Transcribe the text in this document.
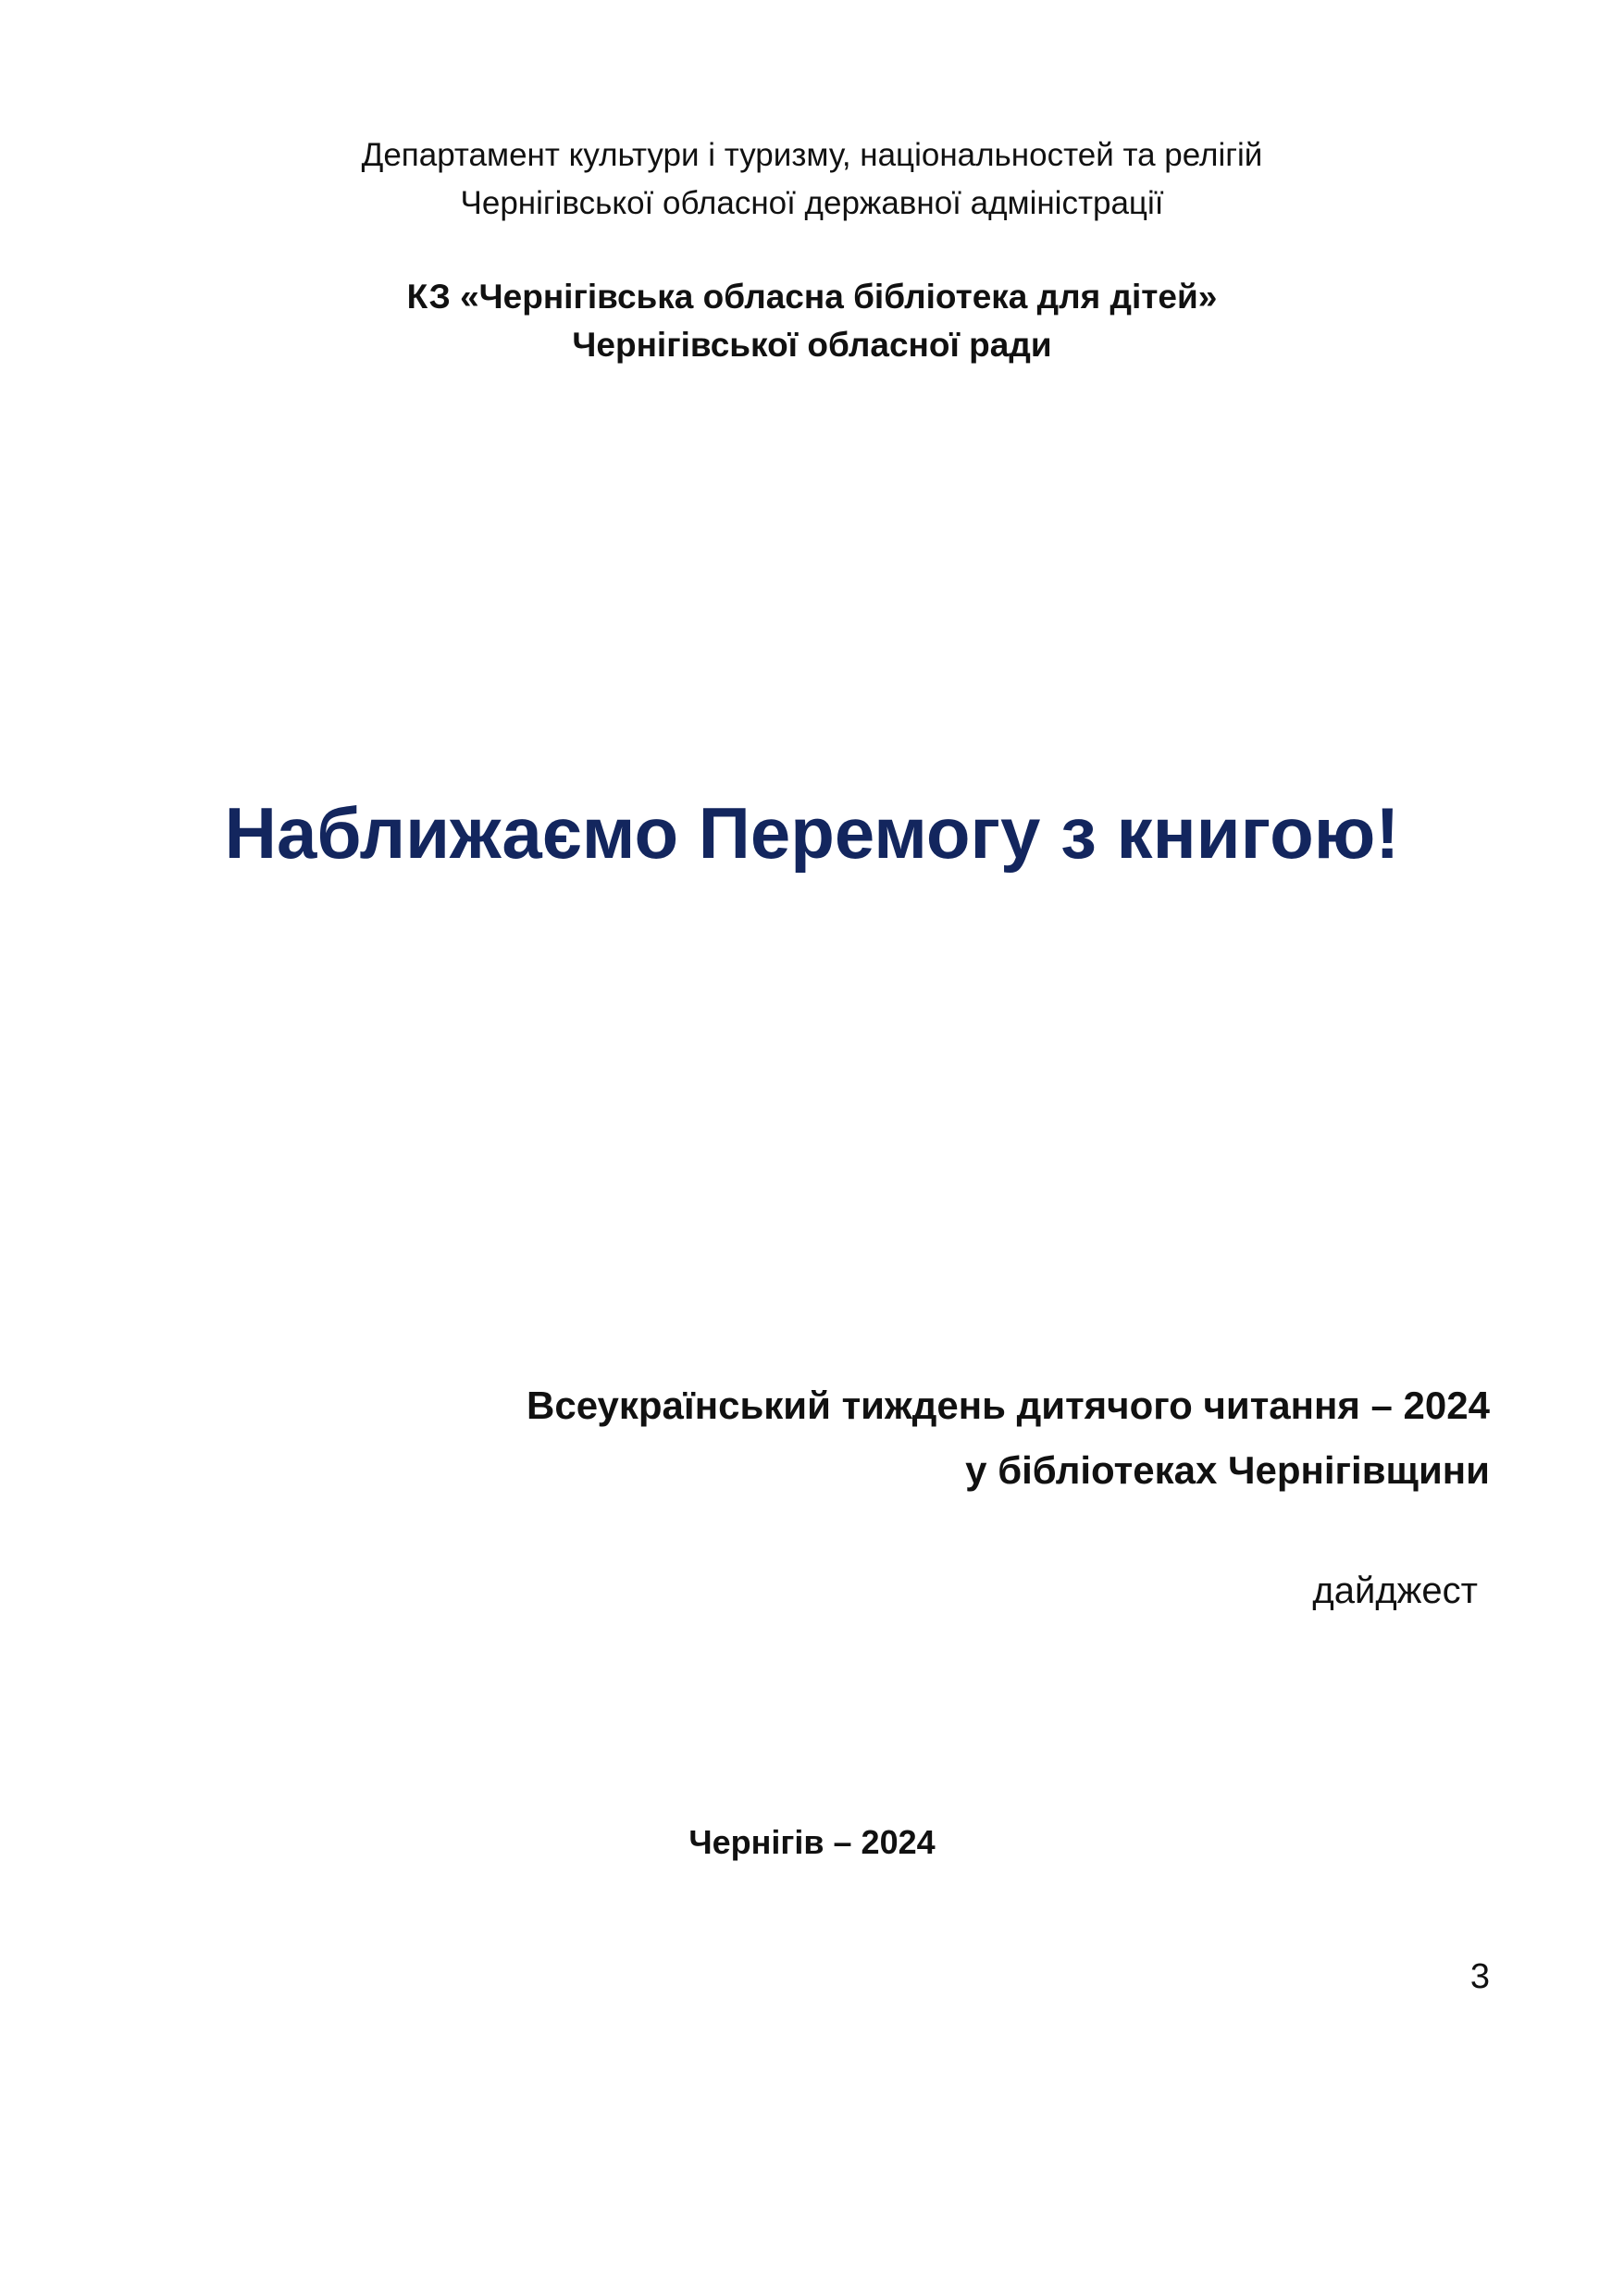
Департамент культури і туризму, національностей та релігій

Чернігівської обласної державної адміністрації

КЗ «Чернігівська обласна бібліотека для дітей»

Чернігівської обласної ради

Наближаємо Перемогу з книгою!

Всеукраїнський тиждень дитячого читання – 2024

у бібліотеках Чернігівщини

дайджест

Чернігів – 2024

3
